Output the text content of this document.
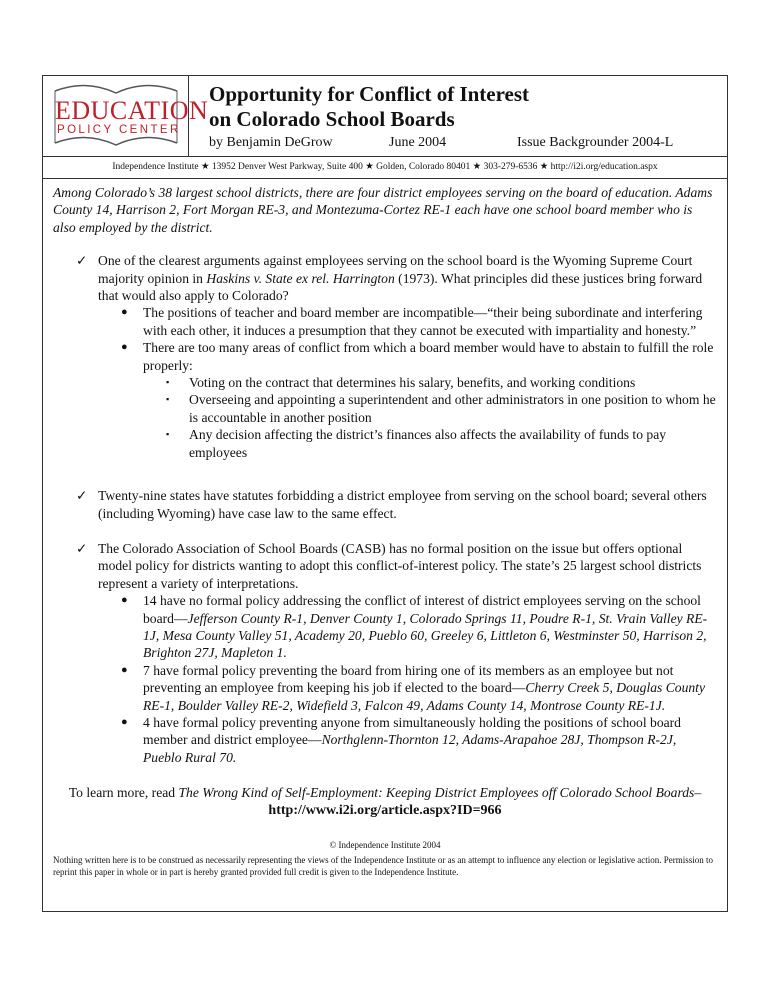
EDUCATION
POLICY CENTER
Opportunity for Conflict of Interest
on Colorado School Boards
by Benjamin DeGrow	June 2004	Issue Backgrounder 2004-L
Independence Institute ★ 13952 Denver West Parkway, Suite 400 ★ Golden, Colorado 80401 ★ 303-279-6536 ★ http://i2i.org/education.aspx
Among Colorado’s 38 largest school districts, there are four district employees serving on the board of education. Adams County 14, Harrison 2, Fort Morgan RE-3, and Montezuma-Cortez RE-1 each have one school board member who is also employed by the district.
✓ One of the clearest arguments against employees serving on the school board is the Wyoming Supreme Court majority opinion in Haskins v. State ex rel. Harrington (1973). What principles did these justices bring forward that would also apply to Colorado?
● The positions of teacher and board member are incompatible—“their being subordinate and interfering with each other, it induces a presumption that they cannot be executed with impartiality and honesty.”
● There are too many areas of conflict from which a board member would have to abstain to fulfill the role properly:
▪ Voting on the contract that determines his salary, benefits, and working conditions
▪ Overseeing and appointing a superintendent and other administrators in one position to whom he is accountable in another position
▪ Any decision affecting the district’s finances also affects the availability of funds to pay employees
✓ Twenty-nine states have statutes forbidding a district employee from serving on the school board; several others (including Wyoming) have case law to the same effect.
✓ The Colorado Association of School Boards (CASB) has no formal position on the issue but offers optional model policy for districts wanting to adopt this conflict-of-interest policy. The state’s 25 largest school districts represent a variety of interpretations.
● 14 have no formal policy addressing the conflict of interest of district employees serving on the school board—Jefferson County R-1, Denver County 1, Colorado Springs 11, Poudre R-1, St. Vrain Valley RE-1J, Mesa County Valley 51, Academy 20, Pueblo 60, Greeley 6, Littleton 6, Westminster 50, Harrison 2, Brighton 27J, Mapleton 1.
● 7 have formal policy preventing the board from hiring one of its members as an employee but not preventing an employee from keeping his job if elected to the board—Cherry Creek 5, Douglas County RE-1, Boulder Valley RE-2, Widefield 3, Falcon 49, Adams County 14, Montrose County RE-1J.
● 4 have formal policy preventing anyone from simultaneously holding the positions of school board member and district employee—Northglenn-Thornton 12, Adams-Arapahoe 28J, Thompson R-2J, Pueblo Rural 70.
To learn more, read The Wrong Kind of Self-Employment: Keeping District Employees off Colorado School Boards–
http://www.i2i.org/article.aspx?ID=966
© Independence Institute 2004
Nothing written here is to be construed as necessarily representing the views of the Independence Institute or as an attempt to influence any election or legislative action. Permission to reprint this paper in whole or in part is hereby granted provided full credit is given to the Independence Institute.
